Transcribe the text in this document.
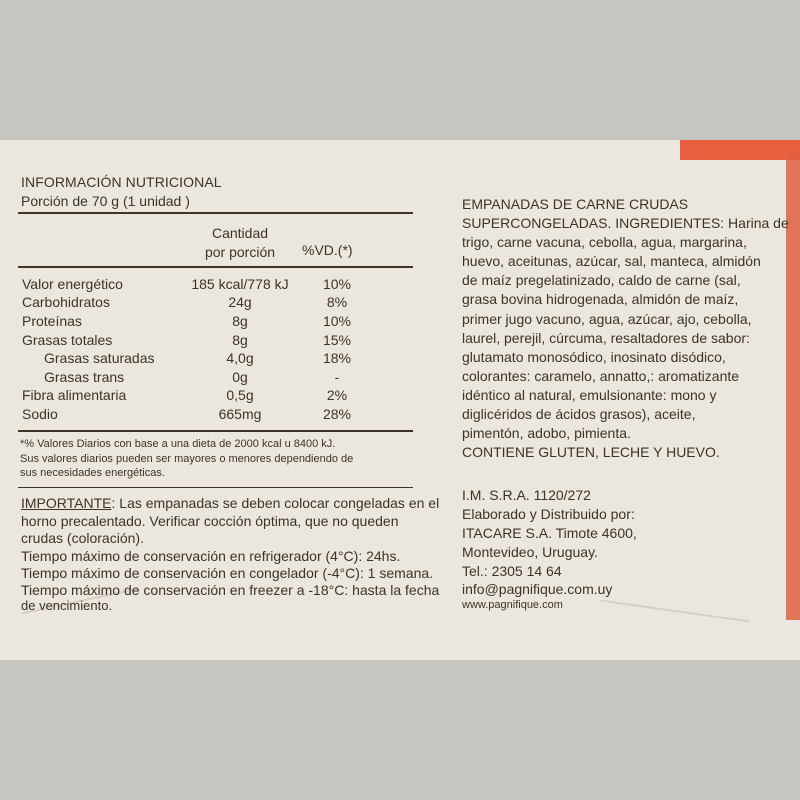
INFORMACIÓN NUTRICIONAL
Porción de 70 g (1 unidad )
Cantidad
por porción	%VD.(*)
Valor energético	185 kcal/778 kJ	10%
Carbohidratos	24g	8%
Proteínas	8g	10%
Grasas totales	8g	15%
Grasas saturadas	4,0g	18%
Grasas trans	0g	-
Fibra alimentaria	0,5g	2%
Sodio	665mg	28%
*% Valores Diarios con base a una dieta de 2000 kcal u 8400 kJ.
Sus valores diarios pueden ser mayores o menores dependiendo de
sus necesidades energéticas.
IMPORTANTE: Las empanadas se deben colocar congeladas en el
horno precalentado. Verificar cocción óptima, que no queden
crudas (coloración).
Tiempo máximo de conservación en refrigerador (4°C): 24hs.
Tiempo máximo de conservación en congelador (-4°C): 1 semana.
Tiempo máximo de conservación en freezer a -18°C: hasta la fecha
de vencimiento.
EMPANADAS DE CARNE CRUDAS
SUPERCONGELADAS. INGREDIENTES: Harina de
trigo, carne vacuna, cebolla, agua, margarina,
huevo, aceitunas, azúcar, sal, manteca, almidón
de maíz pregelatinizado, caldo de carne (sal,
grasa bovina hidrogenada, almidón de maíz,
primer jugo vacuno, agua, azúcar, ajo, cebolla,
laurel, perejil, cúrcuma, resaltadores de sabor:
glutamato monosódico, inosinato disódico,
colorantes: caramelo, annatto,: aromatizante
idéntico al natural, emulsionante: mono y
diglicéridos de ácidos grasos), aceite,
pimentón, adobo, pimienta.
CONTIENE GLUTEN, LECHE Y HUEVO.
I.M. S.R.A. 1120/272
Elaborado y Distribuido por:
ITACARE S.A. Timote 4600,
Montevideo, Uruguay.
Tel.: 2305 14 64
info@pagnifique.com.uy
www.pagnifique.com
